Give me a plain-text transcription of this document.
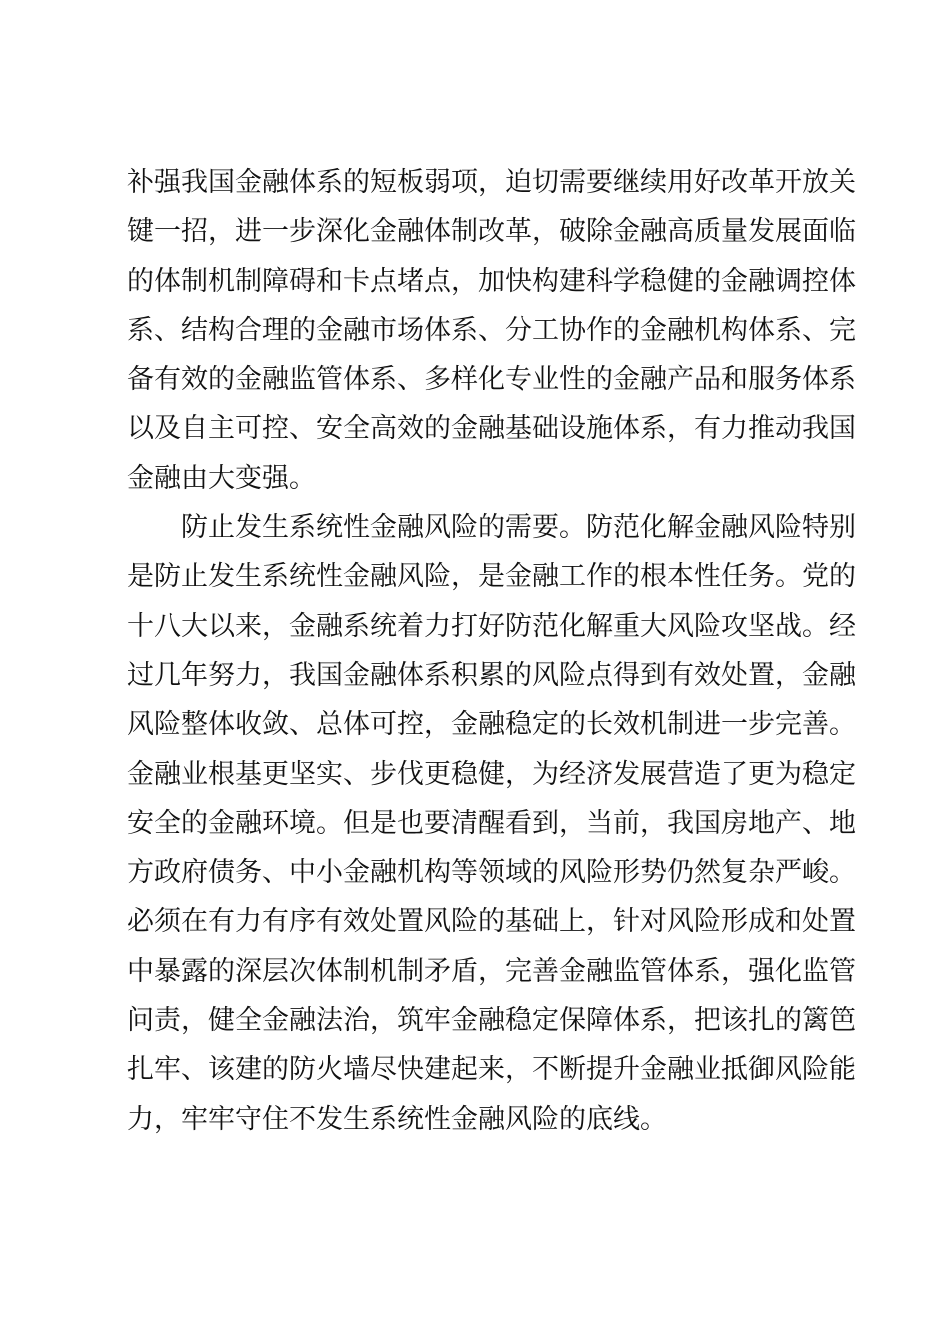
补强我国金融体系的短板弱项，迫切需要继续用好改革开放关
键一招，进一步深化金融体制改革，破除金融高质量发展面临
的体制机制障碍和卡点堵点，加快构建科学稳健的金融调控体
系、结构合理的金融市场体系、分工协作的金融机构体系、完
备有效的金融监管体系、多样化专业性的金融产品和服务体系
以及自主可控、安全高效的金融基础设施体系，有力推动我国
金融由大变强。
防止发生系统性金融风险的需要。防范化解金融风险特别
是防止发生系统性金融风险，是金融工作的根本性任务。党的
十八大以来，金融系统着力打好防范化解重大风险攻坚战。经
过几年努力，我国金融体系积累的风险点得到有效处置，金融
风险整体收敛、总体可控，金融稳定的长效机制进一步完善。
金融业根基更坚实、步伐更稳健，为经济发展营造了更为稳定
安全的金融环境。但是也要清醒看到，当前，我国房地产、地
方政府债务、中小金融机构等领域的风险形势仍然复杂严峻。
必须在有力有序有效处置风险的基础上，针对风险形成和处置
中暴露的深层次体制机制矛盾，完善金融监管体系，强化监管
问责，健全金融法治，筑牢金融稳定保障体系，把该扎的篱笆
扎牢、该建的防火墙尽快建起来，不断提升金融业抵御风险能
力，牢牢守住不发生系统性金融风险的底线。
